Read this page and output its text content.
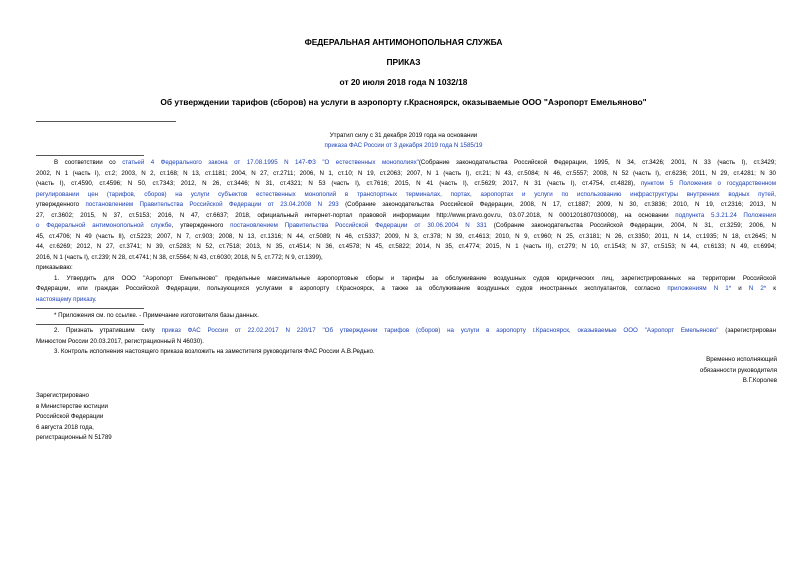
ФЕДЕРАЛЬНАЯ АНТИМОНОПОЛЬНАЯ СЛУЖБА
ПРИКАЗ
от 20 июля 2018 года N 1032/18
Об утверждении тарифов (сборов) на услуги в аэропорту г.Красноярск, оказываемые ООО "Аэропорт Емельяново"
Утратил силу с 31 декабря 2019 года на основании
приказа ФАС России от 3 декабря 2019 года N 1585/19
В соответствии со статьей 4 Федерального закона от 17.08.1995 N 147-ФЗ "О естественных монополиях"(Собрание законодательства Российской Федерации, 1995, N 34, ст.3426; 2001, N 33 (часть I), ст.3429;
2002, N 1 (часть I), ст.2; 2003, N 2, ст.168; N 13, ст.1181; 2004, N 27, ст.2711; 2006, N 1, ст.10; N 19, ст.2063; 2007, N 1 (часть I), ст.21; N 43, ст.5084; N 46, ст.5557; 2008, N 52 (часть I), ст.6236; 2011, N 29, ст.4281; N 30
(часть I), ст.4590, ст.4596; N 50, ст.7343; 2012, N 26, ст.3446; N 31, ст.4321; N 53 (часть I), ст.7616; 2015, N 41 (часть I), ст.5629; 2017, N 31 (часть I), ст.4754, ст.4828), пунктом 5 Положения о государственном
регулировании цен (тарифов, сборов) на услуги субъектов естественных монополий в транспортных терминалах, портах, аэропортах и услуги по использованию инфраструктуры внутренних водных путей,
утвержденного постановлением Правительства Российской Федерации от 23.04.2008 N 293 (Собрание законодательства Российской Федерации, 2008, N 17, ст.1887; 2009, N 30, ст.3836; 2010, N 19, ст.2316; 2013, N
27, ст.3602; 2015, N 37, ст.5153; 2016, N 47, ст.6637; 2018, официальный интернет-портал правовой информации http://www.pravo.gov.ru, 03.07.2018, N 0001201807030008), на основании подпункта 5.3.21.24 Положения
о Федеральной антимонопольной службе, утвержденного постановлением Правительства Российской Федерации от 30.06.2004 N 331 (Собрание законодательства Российской Федерации, 2004, N 31, ст.3259; 2006, N
45, ст.4706; N 49 (часть II), ст.5223; 2007, N 7, ст.903; 2008, N 13, ст.1316; N 44, ст.5089; N 46, ст.5337; 2009, N 3, ст.378; N 39, ст.4613; 2010, N 9, ст.960; N 25, ст.3181; N 26, ст.3350; 2011, N 14, ст.1935; N 18, ст.2645; N
44, ст.6269; 2012, N 27, ст.3741; N 39, ст.5283; N 52, ст.7518; 2013, N 35, ст.4514; N 36, ст.4578; N 45, ст.5822; 2014, N 35, ст.4774; 2015, N 1 (часть II), ст.279; N 10, ст.1543; N 37, ст.5153; N 44, ст.6133; N 49, ст.6994;
2016, N 1 (часть I), ст.239; N 28, ст.4741; N 38, ст.5564; N 43, ст.6030; 2018, N 5, ст.772; N 9, ст.1399),
приказываю:
1. Утвердить для ООО "Аэропорт Емельяново" предельные максимальные аэропортовые сборы и тарифы за обслуживание воздушных судов юридических лиц, зарегистрированных на территории Российской
Федерации, или граждан Российской Федерации, пользующихся услугами в аэропорту г.Красноярск, а также за обслуживание воздушных судов иностранных эксплуатантов, согласно приложениям N 1* и N 2* к
настоящему приказу.
* Приложения см. по ссылке. - Примечание изготовителя базы данных.
2. Признать утратившим силу приказ ФАС России от 22.02.2017 N 220/17 "Об утверждении тарифов (сборов) на услуги в аэропорту г.Красноярск, оказываемые ООО "Аэропорт Емельяново" (зарегистрирован
Минюстом России 20.03.2017, регистрационный N 46030).
3. Контроль исполнения настоящего приказа возложить на заместителя руководителя ФАС России А.В.Редько.
Временно исполняющий
обязанности руководителя
В.Г.Королев
Зарегистрировано
в Министерстве юстиции
Российской Федерации
6 августа 2018 года,
регистрационный N 51789
